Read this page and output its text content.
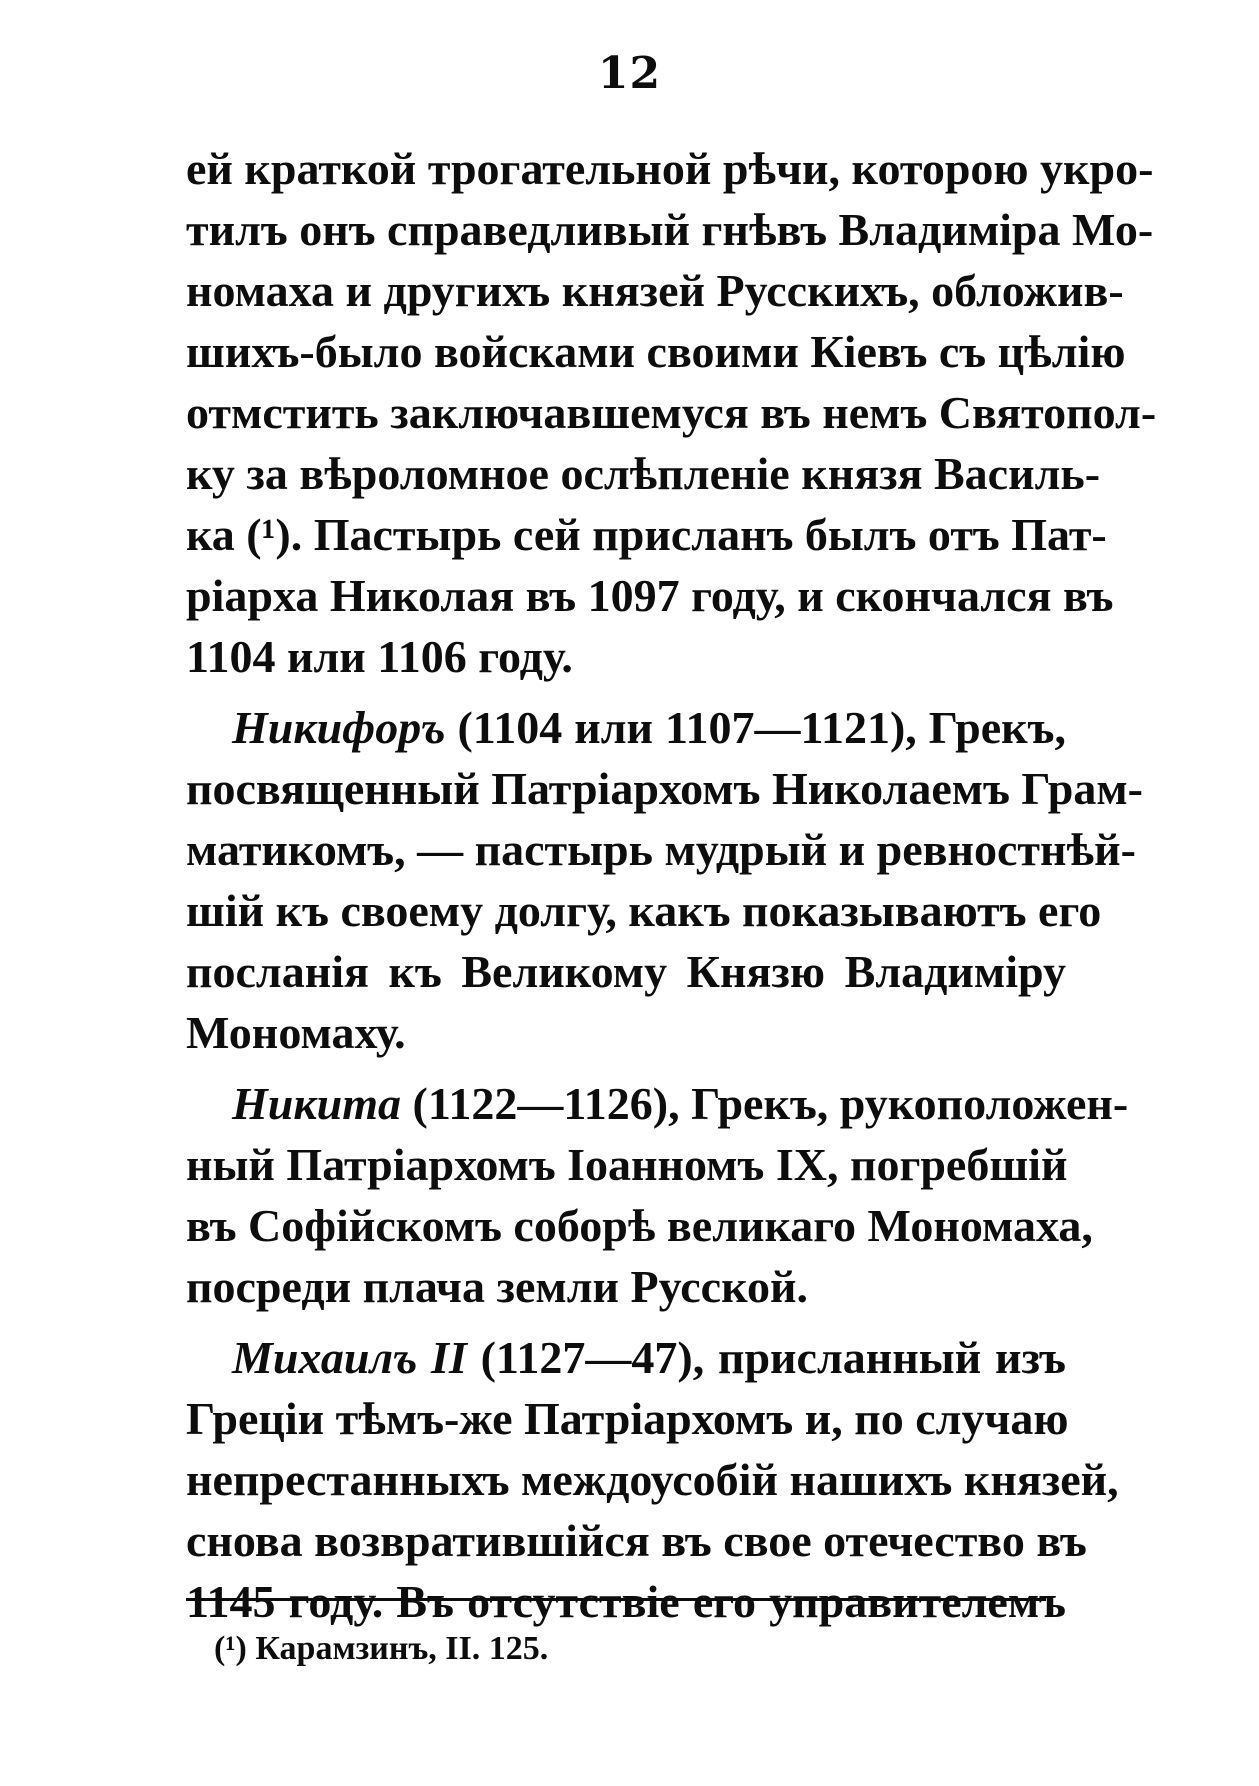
12
ей краткой трогательной рѣчи, которою укро-
тилъ онъ справедливый гнѣвъ Владиміра Мо-
номаха и другихъ князей Русскихъ, обложив-
шихъ-было войсками своими Кіевъ съ цѣлію
отмстить заключавшемуся въ немъ Святопол-
ку за вѣроломное ослѣпленіе князя Василь-
ка (¹). Пастырь сей присланъ былъ отъ Пат-
ріарха Николая въ 1097 году, и скончался въ
1104 или 1106 году.
Никифоръ (1104 или 1107—1121), Грекъ,
посвященный Патріархомъ Николаемъ Грам-
матикомъ, — пастырь мудрый и ревностнѣй-
шій къ своему долгу, какъ показываютъ его
посланія къ Великому Князю Владиміру
Мономаху.
Никита (1122—1126), Грекъ, рукоположен-
ный Патріархомъ Іоанномъ IX, погребшій
въ Софійскомъ соборѣ великаго Мономаха,
посреди плача земли Русской.
Михаилъ II (1127—47), присланный изъ
Греціи тѣмъ-же Патріархомъ и, по случаю
непрестанныхъ междоусобій нашихъ князей,
снова возвратившійся въ свое отечество въ
1145 году. Въ отсутствіе его управителемъ
(¹) Карамзинъ, II. 125.
